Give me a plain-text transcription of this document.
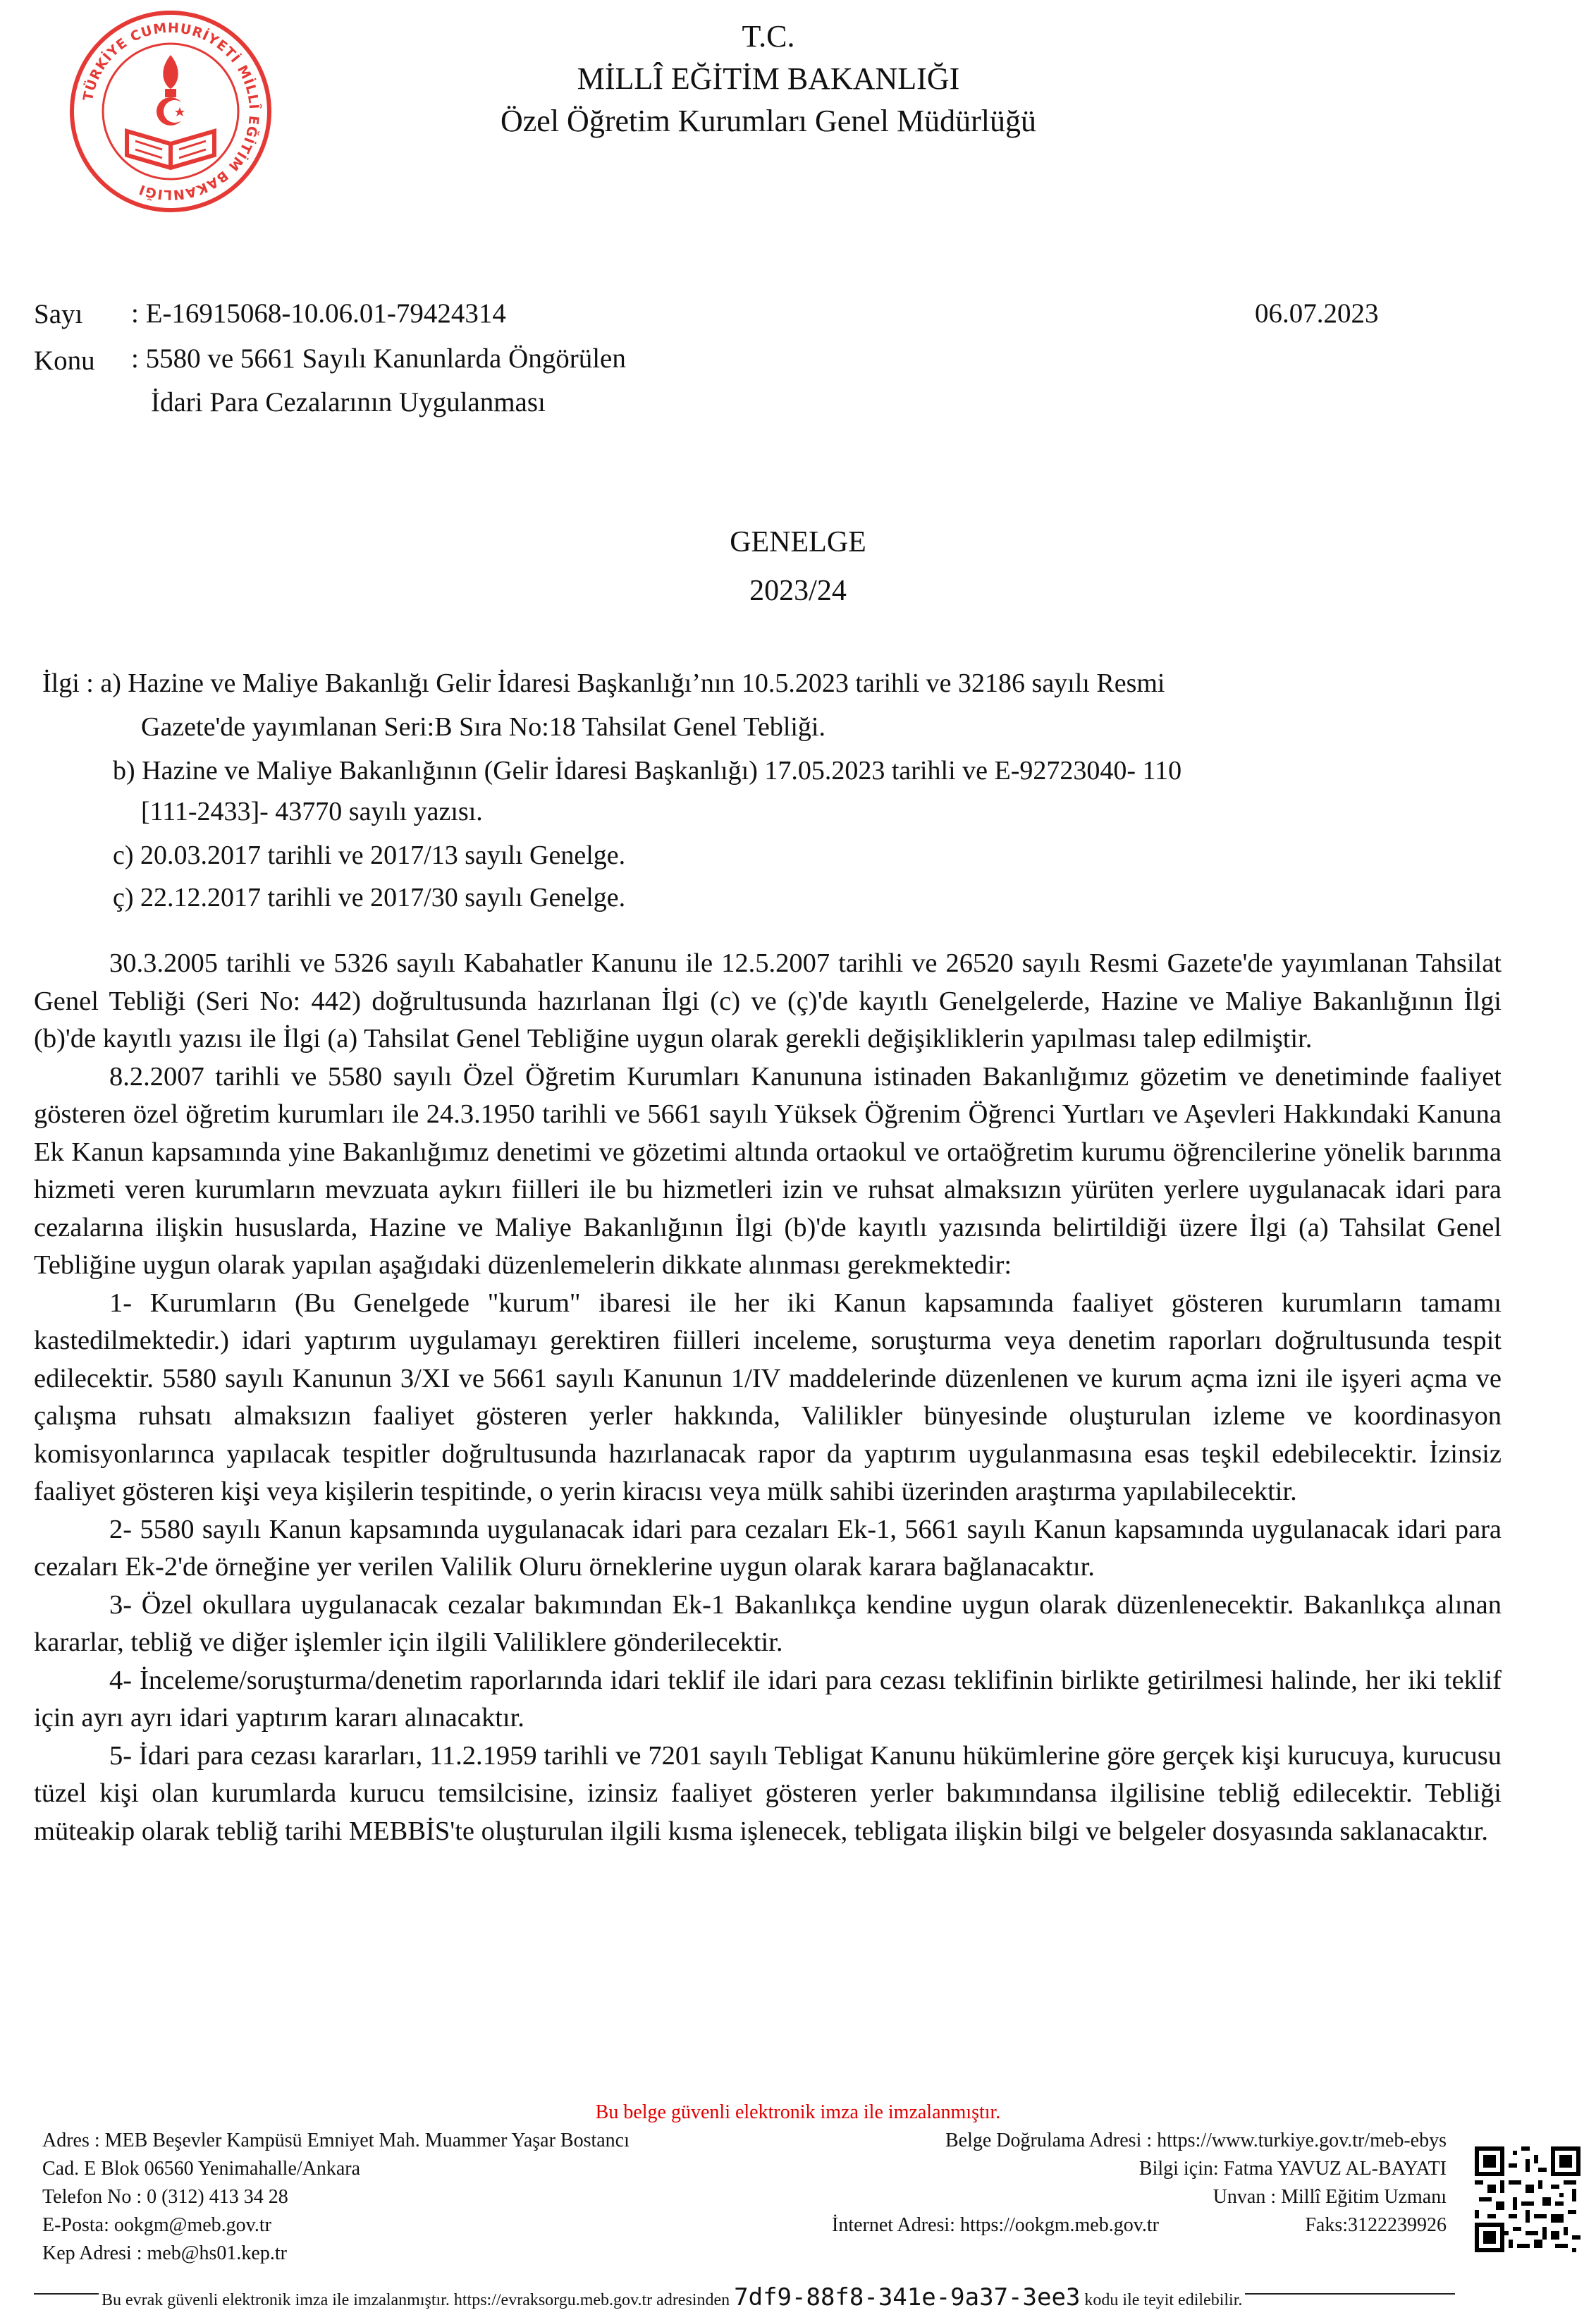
TÜRKİYE CUMHURİYETİ MİLLÎ EĞİTİM BAKANLIĞI
T.C.
MİLLÎ EĞİTİM BAKANLIĞI
Özel Öğretim Kurumları Genel Müdürlüğü
Sayı : E-16915068-10.06.01-79424314	06.07.2023
Konu : 5580 ve 5661 Sayılı Kanunlarda Öngörülen
İdari Para Cezalarının Uygulanması
GENELGE
2023/24
İlgi : a) Hazine ve Maliye Bakanlığı Gelir İdaresi Başkanlığı’nın 10.5.2023 tarihli ve 32186 sayılı Resmi
Gazete'de yayımlanan Seri:B Sıra No:18 Tahsilat Genel Tebliği.
b) Hazine ve Maliye Bakanlığının (Gelir İdaresi Başkanlığı) 17.05.2023 tarihli ve E-92723040- 110
[111-2433]- 43770 sayılı yazısı.
c) 20.03.2017 tarihli ve 2017/13 sayılı Genelge.
ç) 22.12.2017 tarihli ve 2017/30 sayılı Genelge.

30.3.2005 tarihli ve 5326 sayılı Kabahatler Kanunu ile 12.5.2007 tarihli ve 26520 sayılı Resmi Gazete'de yayımlanan Tahsilat Genel Tebliği (Seri No: 442) doğrultusunda hazırlanan İlgi (c) ve (ç)'de kayıtlı Genelgelerde, Hazine ve Maliye Bakanlığının İlgi (b)'de kayıtlı yazısı ile İlgi (a) Tahsilat Genel Tebliğine uygun olarak gerekli değişikliklerin yapılması talep edilmiştir.

8.2.2007 tarihli ve 5580 sayılı Özel Öğretim Kurumları Kanununa istinaden Bakanlığımız gözetim ve denetiminde faaliyet gösteren özel öğretim kurumları ile 24.3.1950 tarihli ve 5661 sayılı Yüksek Öğrenim Öğrenci Yurtları ve Aşevleri Hakkındaki Kanuna Ek Kanun kapsamında yine Bakanlığımız denetimi ve gözetimi altında ortaokul ve ortaöğretim kurumu öğrencilerine yönelik barınma hizmeti veren kurumların mevzuata aykırı fiilleri ile bu hizmetleri izin ve ruhsat almaksızın yürüten yerlere uygulanacak idari para cezalarına ilişkin hususlarda, Hazine ve Maliye Bakanlığının İlgi (b)'de kayıtlı yazısında belirtildiği üzere İlgi (a) Tahsilat Genel Tebliğine uygun olarak yapılan aşağıdaki düzenlemelerin dikkate alınması gerekmektedir:

1- Kurumların (Bu Genelgede "kurum" ibaresi ile her iki Kanun kapsamında faaliyet gösteren kurumların tamamı kastedilmektedir.) idari yaptırım uygulamayı gerektiren fiilleri inceleme, soruşturma veya denetim raporları doğrultusunda tespit edilecektir. 5580 sayılı Kanunun 3/XI ve 5661 sayılı Kanunun 1/IV maddelerinde düzenlenen ve kurum açma izni ile işyeri açma ve çalışma ruhsatı almaksızın faaliyet gösteren yerler hakkında, Valilikler bünyesinde oluşturulan izleme ve koordinasyon komisyonlarınca yapılacak tespitler doğrultusunda hazırlanacak rapor da yaptırım uygulanmasına esas teşkil edebilecektir. İzinsiz faaliyet gösteren kişi veya kişilerin tespitinde, o yerin kiracısı veya mülk sahibi üzerinden araştırma yapılabilecektir.

2- 5580 sayılı Kanun kapsamında uygulanacak idari para cezaları Ek-1, 5661 sayılı Kanun kapsamında uygulanacak idari para cezaları Ek-2'de örneğine yer verilen Valilik Oluru örneklerine uygun olarak karara bağlanacaktır.

3- Özel okullara uygulanacak cezalar bakımından Ek-1 Bakanlıkça kendine uygun olarak düzenlenecektir. Bakanlıkça alınan kararlar, tebliğ ve diğer işlemler için ilgili Valiliklere gönderilecektir.

4- İnceleme/soruşturma/denetim raporlarında idari teklif ile idari para cezası teklifinin birlikte getirilmesi halinde, her iki teklif için ayrı ayrı idari yaptırım kararı alınacaktır.

5- İdari para cezası kararları, 11.2.1959 tarihli ve 7201 sayılı Tebligat Kanunu hükümlerine göre gerçek kişi kurucuya, kurucusu tüzel kişi olan kurumlarda kurucu temsilcisine, izinsiz faaliyet gösteren yerler bakımındansa ilgilisine tebliğ edilecektir. Tebliği müteakip olarak tebliğ tarihi MEBBİS'te oluşturulan ilgili kısma işlenecek, tebligata ilişkin bilgi ve belgeler dosyasında saklanacaktır.

Bu belge güvenli elektronik imza ile imzalanmıştır.
Adres : MEB Beşevler Kampüsü Emniyet Mah. Muammer Yaşar Bostancı
Cad. E Blok 06560 Yenimahalle/Ankara
Telefon No : 0 (312) 413 34 28
E-Posta: ookgm@meb.gov.tr
Kep Adresi : meb@hs01.kep.tr
Belge Doğrulama Adresi : https://www.turkiye.gov.tr/meb-ebys
Bilgi için: Fatma YAVUZ AL-BAYATI
Unvan : Millî Eğitim Uzmanı
İnternet Adresi: https://ookgm.meb.gov.tr	Faks:3122239926
Bu evrak güvenli elektronik imza ile imzalanmıştır. https://evraksorgu.meb.gov.tr adresinden 7df9-88f8-341e-9a37-3ee3 kodu ile teyit edilebilir.
